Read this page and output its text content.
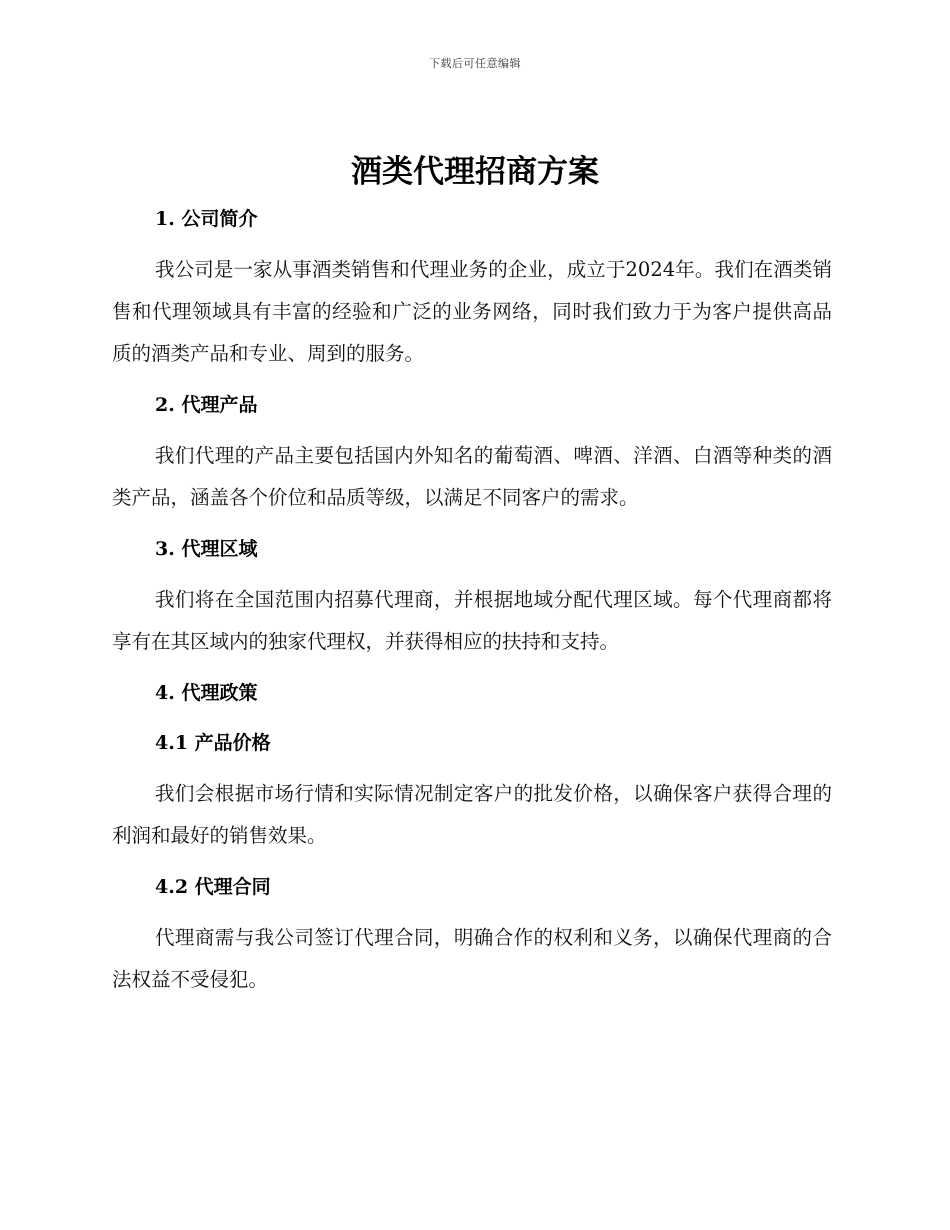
下载后可任意编辑
酒类代理招商方案
1. 公司简介

我公司是一家从事酒类销售和代理业务的企业，成立于2024年。我们在酒类销售和代理领域具有丰富的经验和广泛的业务网络，同时我们致力于为客户提供高品质的酒类产品和专业、周到的服务。

2. 代理产品

我们代理的产品主要包括国内外知名的葡萄酒、啤酒、洋酒、白酒等种类的酒类产品，涵盖各个价位和品质等级，以满足不同客户的需求。

3. 代理区域

我们将在全国范围内招募代理商，并根据地域分配代理区域。每个代理商都将享有在其区域内的独家代理权，并获得相应的扶持和支持。

4. 代理政策
4.1 产品价格

我们会根据市场行情和实际情况制定客户的批发价格，以确保客户获得合理的利润和最好的销售效果。

4.2 代理合同

代理商需与我公司签订代理合同，明确合作的权利和义务，以确保代理商的合法权益不受侵犯。
